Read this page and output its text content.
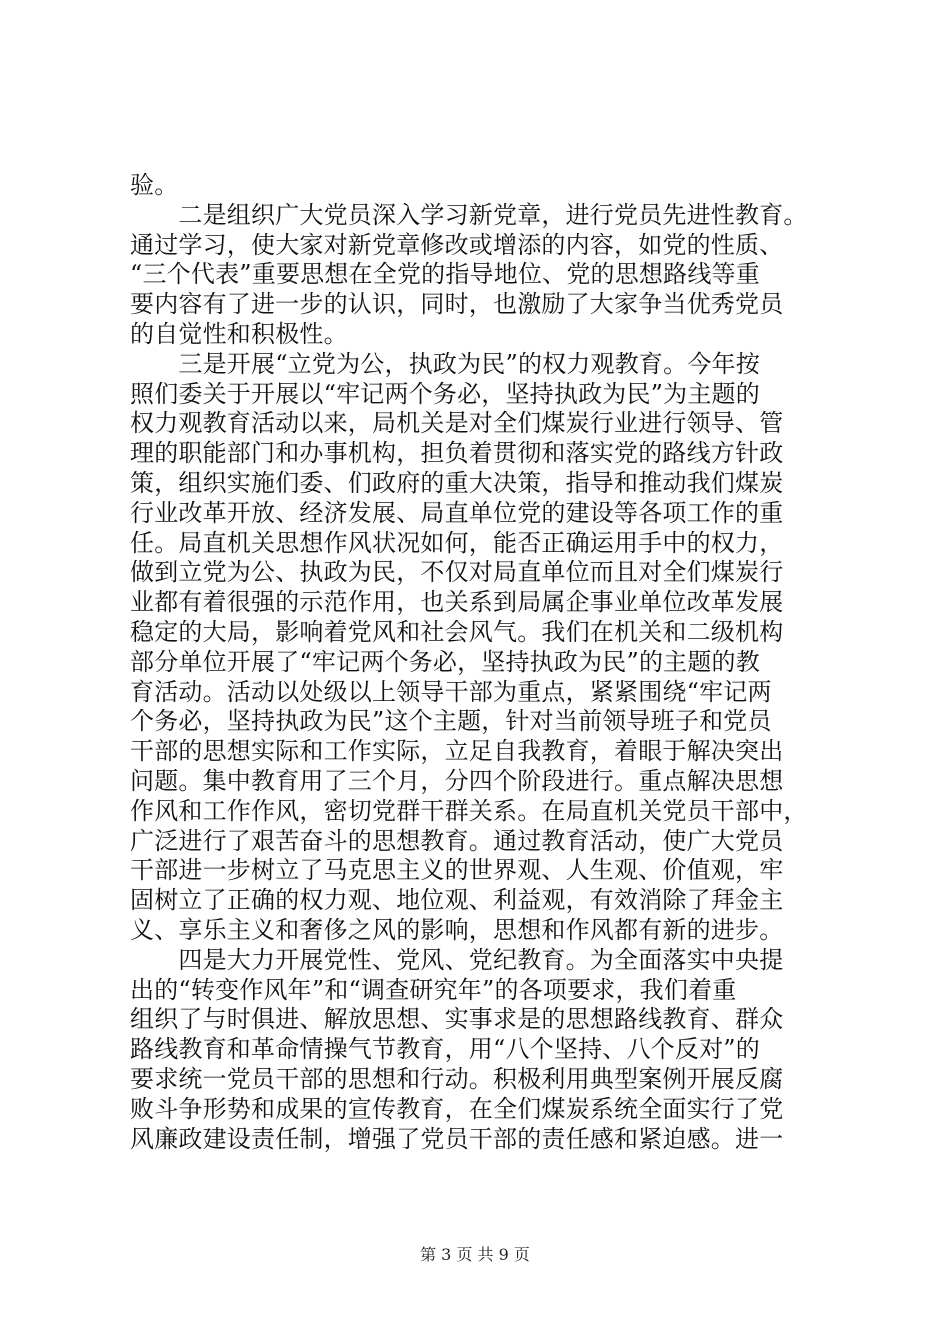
验。
　　二是组织广大党员深入学习新党章，进行党员先进性教育。
通过学习，使大家对新党章修改或增添的内容，如党的性质、
“三个代表”重要思想在全党的指导地位、党的思想路线等重
要内容有了进一步的认识，同时，也激励了大家争当优秀党员
的自觉性和积极性。
　　三是开展“立党为公，执政为民”的权力观教育。今年按
照们委关于开展以“牢记两个务必，坚持执政为民”为主题的
权力观教育活动以来，局机关是对全们煤炭行业进行领导、管
理的职能部门和办事机构，担负着贯彻和落实党的路线方针政
策，组织实施们委、们政府的重大决策，指导和推动我们煤炭
行业改革开放、经济发展、局直单位党的建设等各项工作的重
任。局直机关思想作风状况如何，能否正确运用手中的权力，
做到立党为公、执政为民，不仅对局直单位而且对全们煤炭行
业都有着很强的示范作用，也关系到局属企事业单位改革发展
稳定的大局，影响着党风和社会风气。我们在机关和二级机构
部分单位开展了“牢记两个务必，坚持执政为民”的主题的教
育活动。活动以处级以上领导干部为重点，紧紧围绕“牢记两
个务必，坚持执政为民”这个主题，针对当前领导班子和党员
干部的思想实际和工作实际，立足自我教育，着眼于解决突出
问题。集中教育用了三个月，分四个阶段进行。重点解决思想
作风和工作作风，密切党群干群关系。在局直机关党员干部中，
广泛进行了艰苦奋斗的思想教育。通过教育活动，使广大党员
干部进一步树立了马克思主义的世界观、人生观、价值观，牢
固树立了正确的权力观、地位观、利益观，有效消除了拜金主
义、享乐主义和奢侈之风的影响，思想和作风都有新的进步。
　　四是大力开展党性、党风、党纪教育。为全面落实中央提
出的“转变作风年”和“调查研究年”的各项要求，我们着重
组织了与时俱进、解放思想、实事求是的思想路线教育、群众
路线教育和革命情操气节教育，用“八个坚持、八个反对”的
要求统一党员干部的思想和行动。积极利用典型案例开展反腐
败斗争形势和成果的宣传教育，在全们煤炭系统全面实行了党
风廉政建设责任制，增强了党员干部的责任感和紧迫感。进一
第 3 页 共 9 页
